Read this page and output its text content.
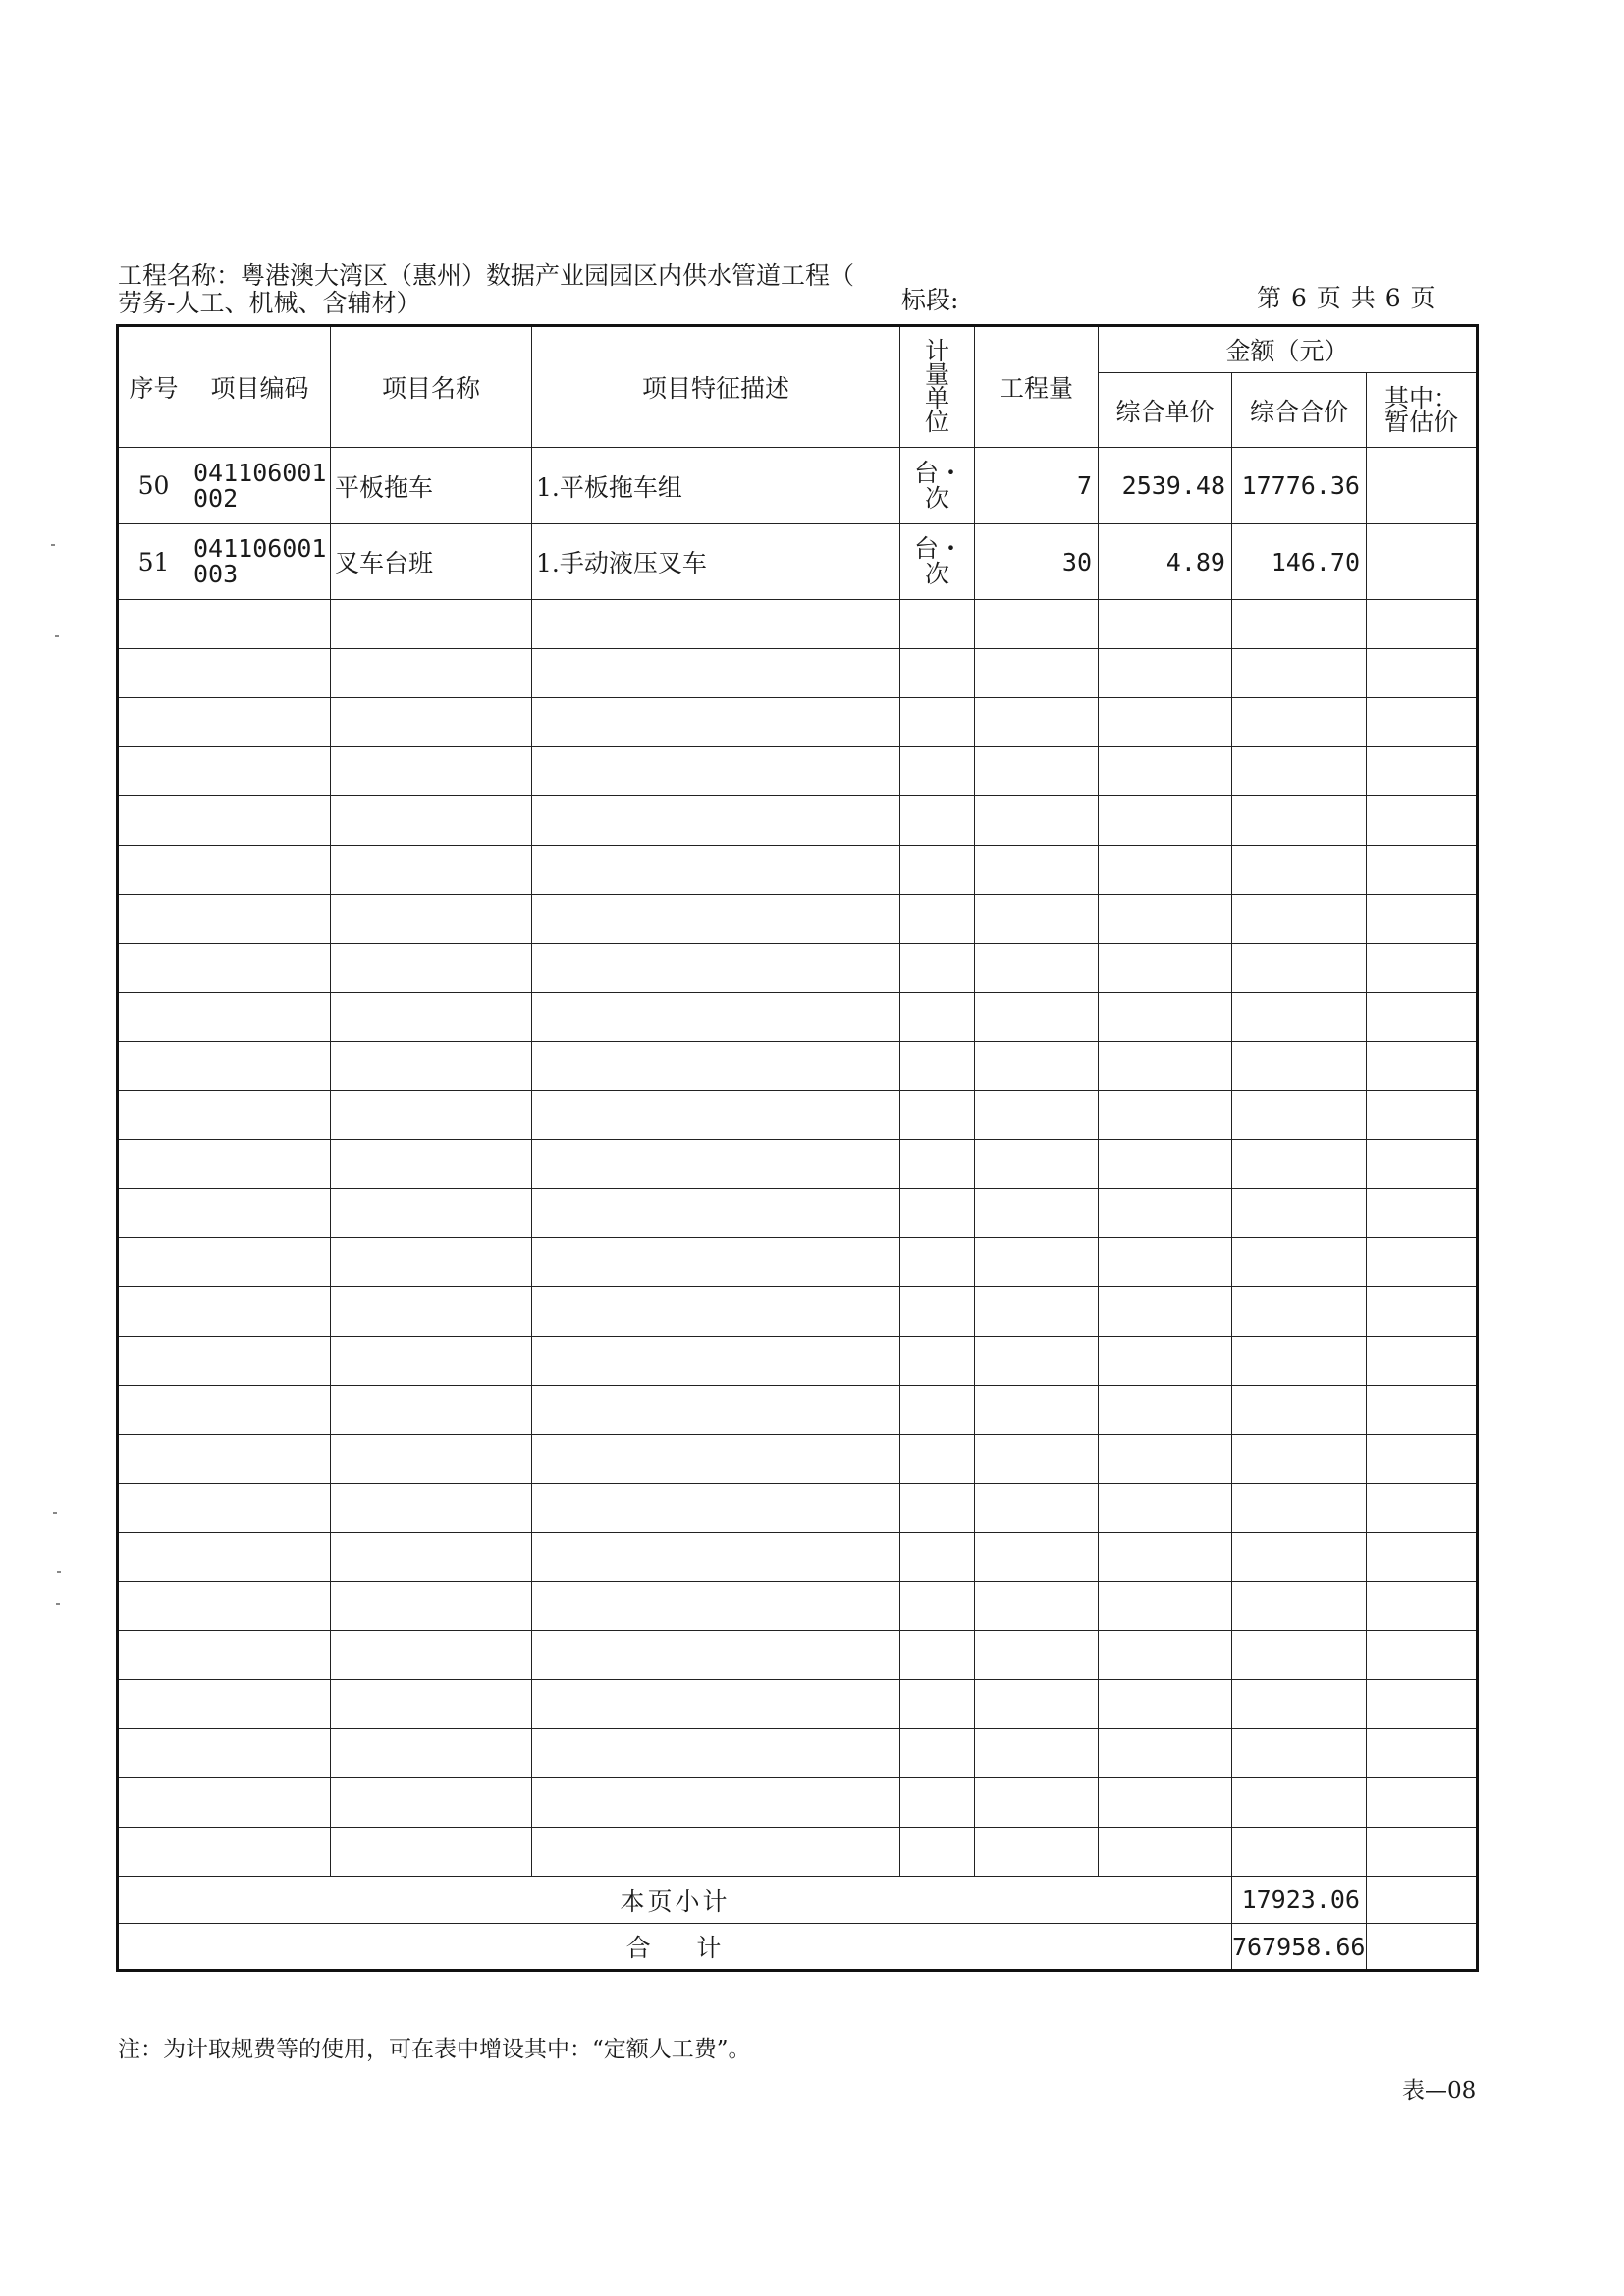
工程名称：粤港澳大湾区（惠州）数据产业园园区内供水管道工程（
劳务-人工、机械、含辅材）	标段:	第 6 页 共 6 页
序号	项目编码	项目名称	项目特征描述	计量单位	工程量	金额（元）		
						综合单价	综合合价	其中：暂估价
50	041106001002	平板拖车	1.平板拖车组	台・次	7	2539.48	17776.36	
51	041106001003	叉车台班	1.手动液压叉车	台・次	30	4.89	146.70	

本页小计							17923.06	
合    计							767958.66	
注：为计取规费等的使用，可在表中增设其中：“定额人工费”。
表—08
